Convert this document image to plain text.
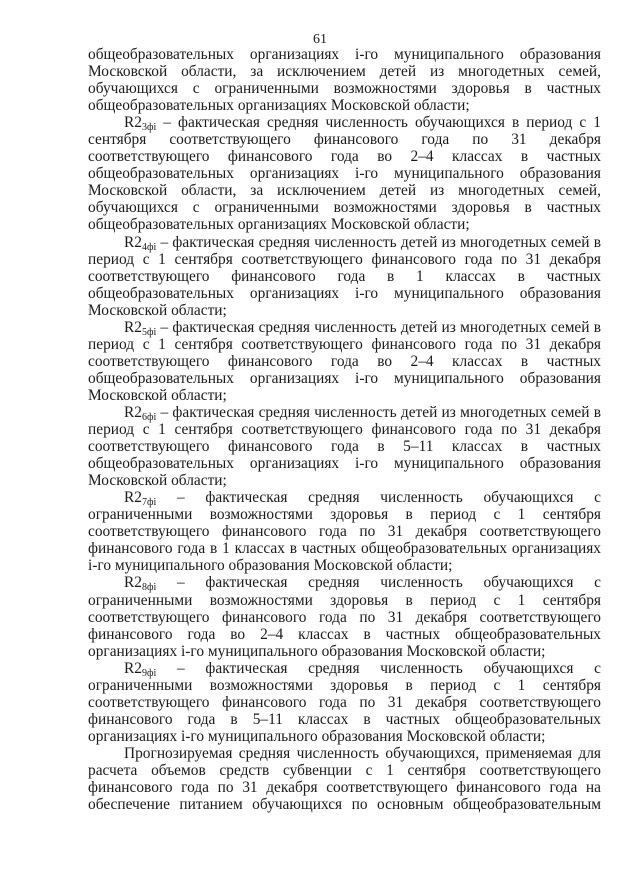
61

общеобразовательных организациях i-го муниципального образования Московской области, за исключением детей из многодетных семей, обучающихся с ограниченными возможностями здоровья в частных общеобразовательных организациях Московской области;

$R2_{3фi}$ – фактическая средняя численность обучающихся в период с 1 сентября соответствующего финансового года по 31 декабря соответствующего финансового года во 2–4 классах в частных общеобразовательных организациях i-го муниципального образования Московской области, за исключением детей из многодетных семей, обучающихся с ограниченными возможностями здоровья в частных общеобразовательных организациях Московской области;

$R2_{4фi}$ – фактическая средняя численность детей из многодетных семей в период с 1 сентября соответствующего финансового года по 31 декабря соответствующего финансового года в 1 классах в частных общеобразовательных организациях i-го муниципального образования Московской области;

$R2_{5фi}$ – фактическая средняя численность детей из многодетных семей в период с 1 сентября соответствующего финансового года по 31 декабря соответствующего финансового года во 2–4 классах в частных общеобразовательных организациях i-го муниципального образования Московской области;

$R2_{6фi}$ – фактическая средняя численность детей из многодетных семей в период с 1 сентября соответствующего финансового года по 31 декабря соответствующего финансового года в 5–11 классах в частных общеобразовательных организациях i-го муниципального образования Московской области;

$R2_{7фi}$ – фактическая средняя численность обучающихся с ограниченными возможностями здоровья в период с 1 сентября соответствующего финансового года по 31 декабря соответствующего финансового года в 1 классах в частных общеобразовательных организациях i-го муниципального образования Московской области;

$R2_{8фi}$ – фактическая средняя численность обучающихся с ограниченными возможностями здоровья в период с 1 сентября соответствующего финансового года по 31 декабря соответствующего финансового года во 2–4 классах в частных общеобразовательных организациях i-го муниципального образования Московской области;

$R2_{9фi}$ – фактическая средняя численность обучающихся с ограниченными возможностями здоровья в период с 1 сентября соответствующего финансового года по 31 декабря соответствующего финансового года в 5–11 классах в частных общеобразовательных организациях i-го муниципального образования Московской области;

Прогнозируемая средняя численность обучающихся, применяемая для расчета объемов средств субвенции с 1 сентября соответствующего финансового года по 31 декабря соответствующего финансового года на обеспечение питанием обучающихся по основным общеобразовательным
